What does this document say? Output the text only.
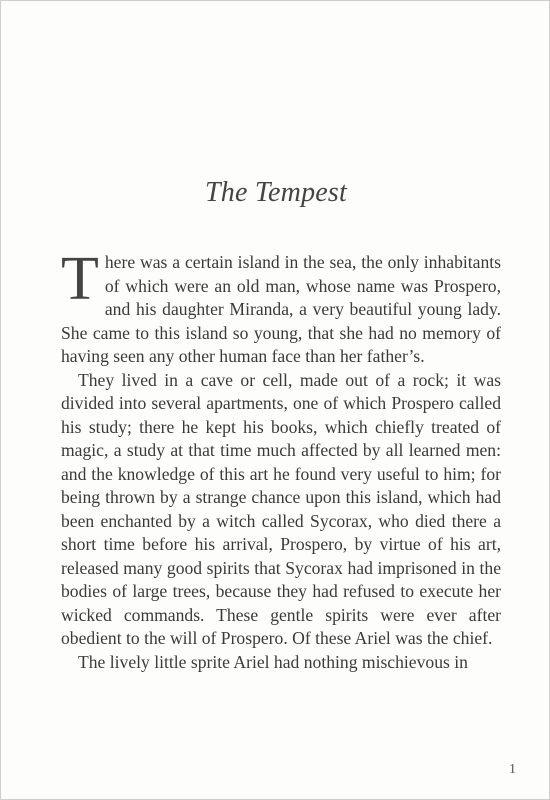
The Tempest

There was a certain island in the sea, the only inhabitants of which were an old man, whose name was Prospero, and his daughter Miranda, a very beautiful young lady. She came to this island so young, that she had no memory of having seen any other human face than her father’s.

They lived in a cave or cell, made out of a rock; it was divided into several apartments, one of which Prospero called his study; there he kept his books, which chiefly treated of magic, a study at that time much affected by all learned men: and the knowledge of this art he found very useful to him; for being thrown by a strange chance upon this island, which had been enchanted by a witch called Sycorax, who died there a short time before his arrival, Prospero, by virtue of his art, released many good spirits that Sycorax had imprisoned in the bodies of large trees, because they had refused to execute her wicked commands. These gentle spirits were ever after obedient to the will of Prospero. Of these Ariel was the chief.

The lively little sprite Ariel had nothing mischievous in

1
